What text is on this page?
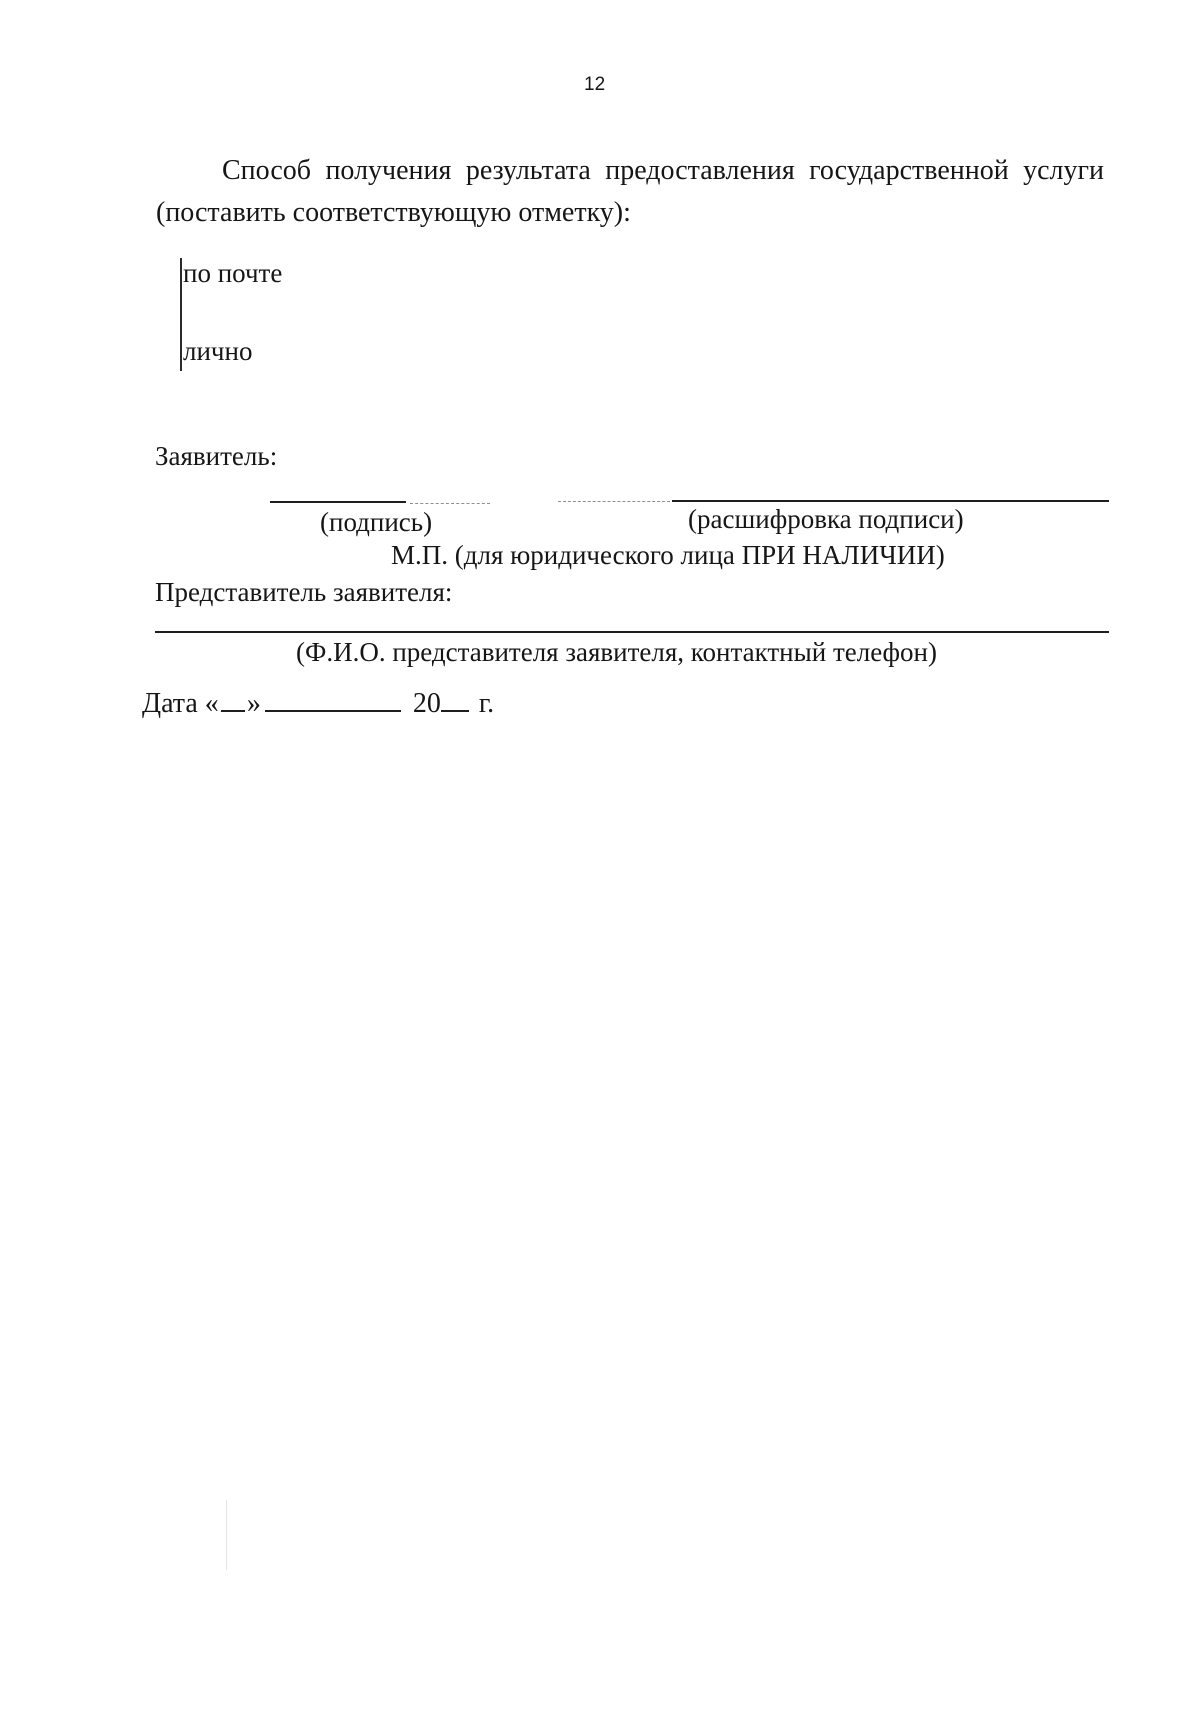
12
Способ получения результата предоставления государственной услуги
(поставить соответствующую отметку):
по почте
лично
Заявитель:
(подпись)	(расшифровка подписи)
М.П. (для юридического лица ПРИ НАЛИЧИИ)
Представитель заявителя:
(Ф.И.О. представителя заявителя, контактный телефон)
Дата « »	20 г.
